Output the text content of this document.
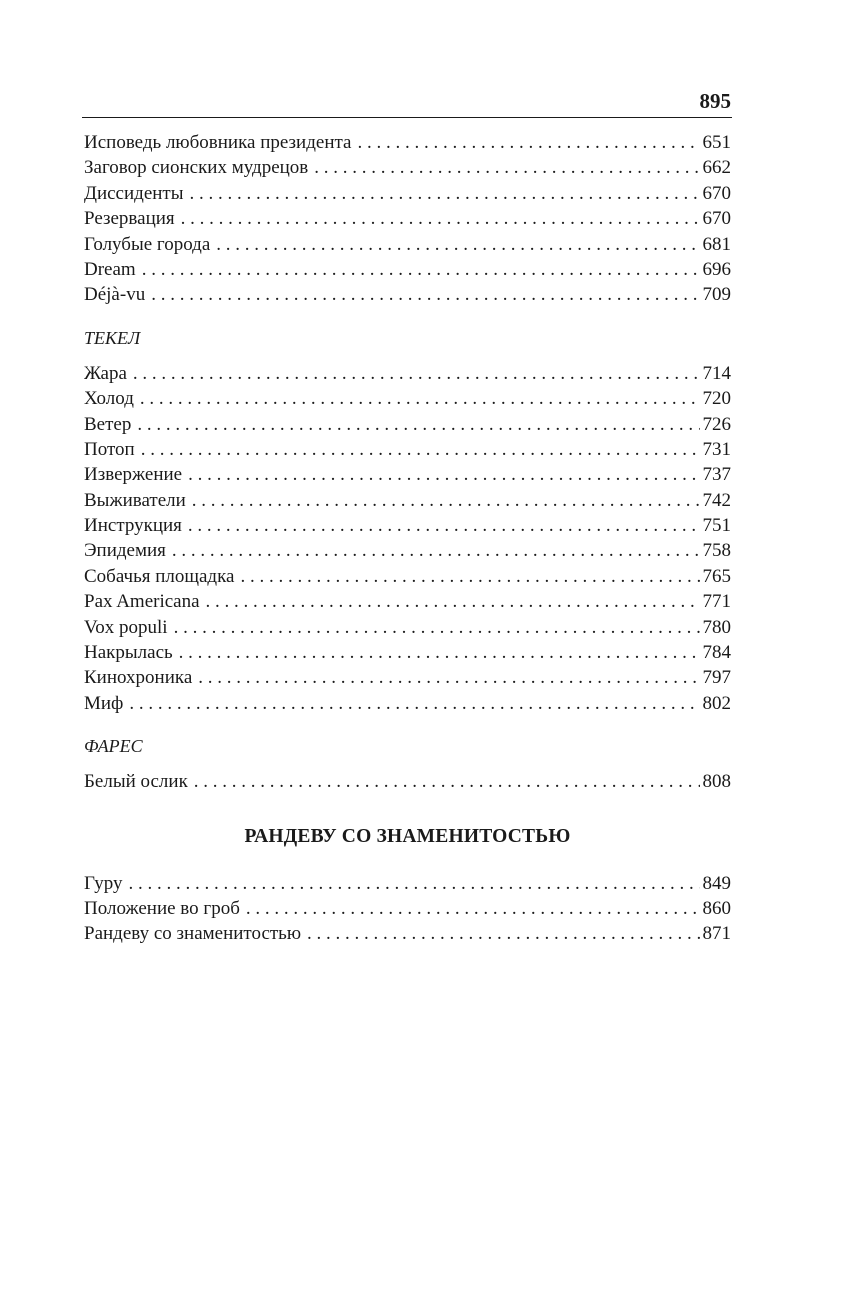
895
Исповедь любовника президента . . .	651
Заговор сионских мудрецов . . .	662
Диссиденты . . .	670
Резервация . . .	670
Голубые города . . .	681
Dream . . .	696
Déjà-vu . . .	709
ТЕКЕЛ
Жара . . .	714
Холод . . .	720
Ветер . . .	726
Потоп . . .	731
Извержение . . .	737
Выживатели . . .	742
Инструкция . . .	751
Эпидемия . . .	758
Собачья площадка . . .	765
Pax Americana . . .	771
Vox populi . . .	780
Накрылась . . .	784
Кинохроника . . .	797
Миф . . .	802
ФАРЕС
Белый ослик . . .	808
РАНДЕВУ СО ЗНАМЕНИТОСТЬЮ
Гуру . . .	849
Положение во гроб . . .	860
Рандеву со знаменитостью . . .	871
